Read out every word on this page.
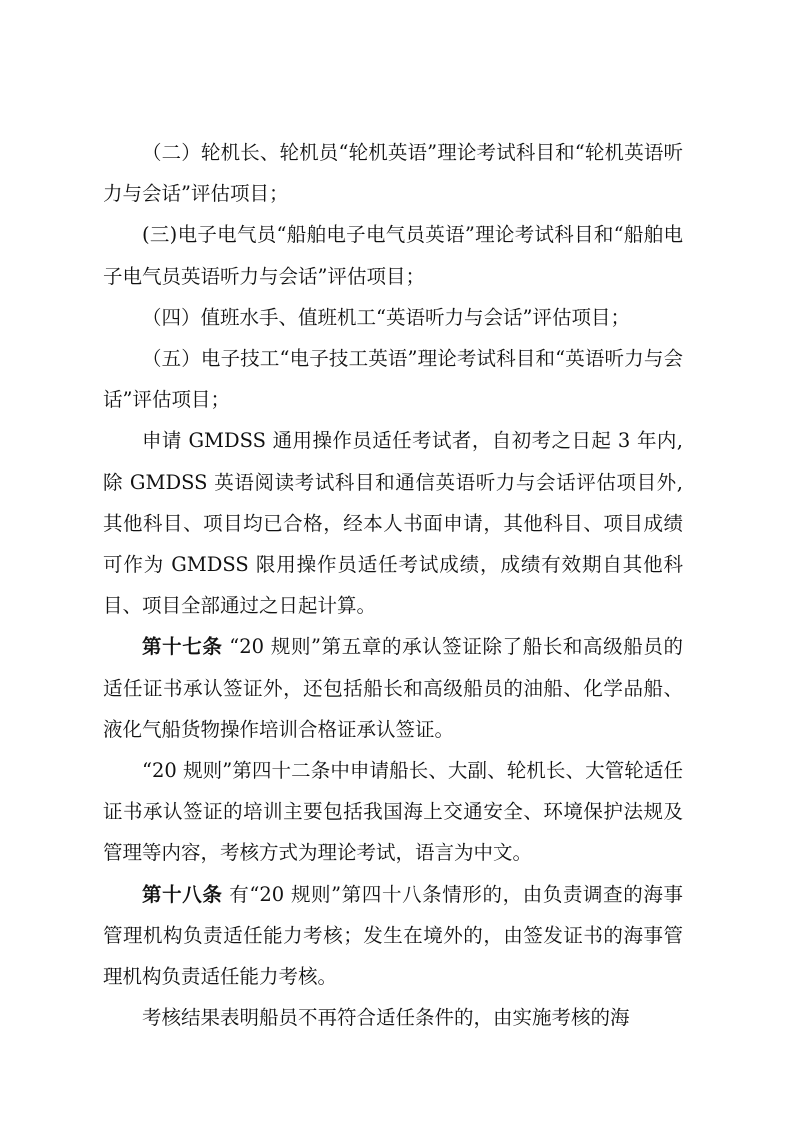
（二）轮机长、轮机员“轮机英语”理论考试科目和“轮机英语听力与会话”评估项目；

(三)电子电气员“船舶电子电气员英语”理论考试科目和“船舶电子电气员英语听力与会话”评估项目；

（四）值班水手、值班机工“英语听力与会话”评估项目；

（五）电子技工“电子技工英语”理论考试科目和“英语听力与会话”评估项目；

申请 GMDSS 通用操作员适任考试者，自初考之日起 3 年内,除 GMDSS 英语阅读考试科目和通信英语听力与会话评估项目外,其他科目、项目均已合格，经本人书面申请，其他科目、项目成绩可作为 GMDSS 限用操作员适任考试成绩，成绩有效期自其他科目、项目全部通过之日起计算。

第十七条 “20 规则”第五章的承认签证除了船长和高级船员的适任证书承认签证外，还包括船长和高级船员的油船、化学品船、液化气船货物操作培训合格证承认签证。

“20 规则”第四十二条中申请船长、大副、轮机长、大管轮适任证书承认签证的培训主要包括我国海上交通安全、环境保护法规及管理等内容，考核方式为理论考试，语言为中文。

第十八条 有“20 规则”第四十八条情形的，由负责调查的海事管理机构负责适任能力考核；发生在境外的，由签发证书的海事管理机构负责适任能力考核。

考核结果表明船员不再符合适任条件的，由实施考核的海
